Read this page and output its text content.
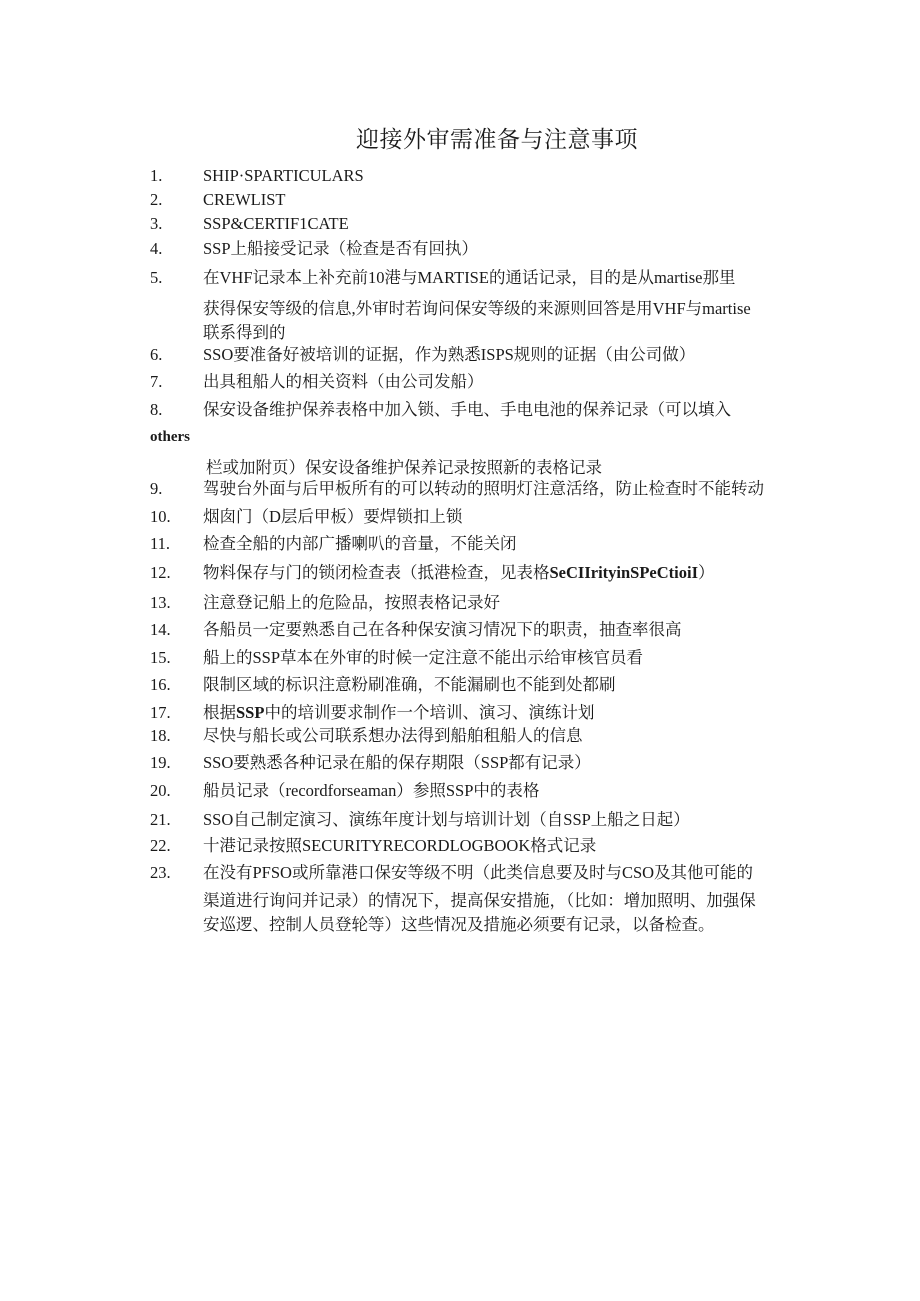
迎接外审需准备与注意事项
1.	SHIP·SPARTICULARS
2.	CREWLIST
3.	SSP&CERTIF1CATE
4.	SSP上船接受记录（检查是否有回执）
5.	在VHF记录本上补充前10港与MARTISE的通话记录，目的是从martise那里
获得保安等级的信息,外审时若询问保安等级的来源则回答是用VHF与martise
联系得到的
6.	SSO要准备好被培训的证据，作为熟悉ISPS规则的证据（由公司做）
7.	出具租船人的相关资料（由公司发船）
8.	保安设备维护保养表格中加入锁、手电、手电电池的保养记录（可以填入
others
栏或加附页）保安设备维护保养记录按照新的表格记录
9.	驾驶台外面与后甲板所有的可以转动的照明灯注意活络，防止检查时不能转动
10.	烟囱门（D层后甲板）要焊锁扣上锁
11.	检查全船的内部广播喇叭的音量，不能关闭
12.	物料保存与门的锁闭检查表（抵港检查，见表格SeCIIrityinSPeCtioiI）
13.	注意登记船上的危险品，按照表格记录好
14.	各船员一定要熟悉自己在各种保安演习情况下的职责，抽查率很高
15.	船上的SSP草本在外审的时候一定注意不能出示给审核官员看
16.	限制区域的标识注意粉刷准确，不能漏刷也不能到处都刷
17.	根据SSP中的培训要求制作一个培训、演习、演练计划
18.	尽快与船长或公司联系想办法得到船舶租船人的信息
19.	SSO要熟悉各种记录在船的保存期限（SSP都有记录）
20.	船员记录（recordforseaman）参照SSP中的表格
21.	SSO自己制定演习、演练年度计划与培训计划（自SSP上船之日起）
22.	十港记录按照SECURITYRECORDLOGBOOK格式记录
23.	在没有PFSO或所靠港口保安等级不明（此类信息要及时与CSO及其他可能的
渠道进行询问并记录）的情况下，提高保安措施，（比如：增加照明、加强保
安巡逻、控制人员登轮等）这些情况及措施必须要有记录，以备检查。
